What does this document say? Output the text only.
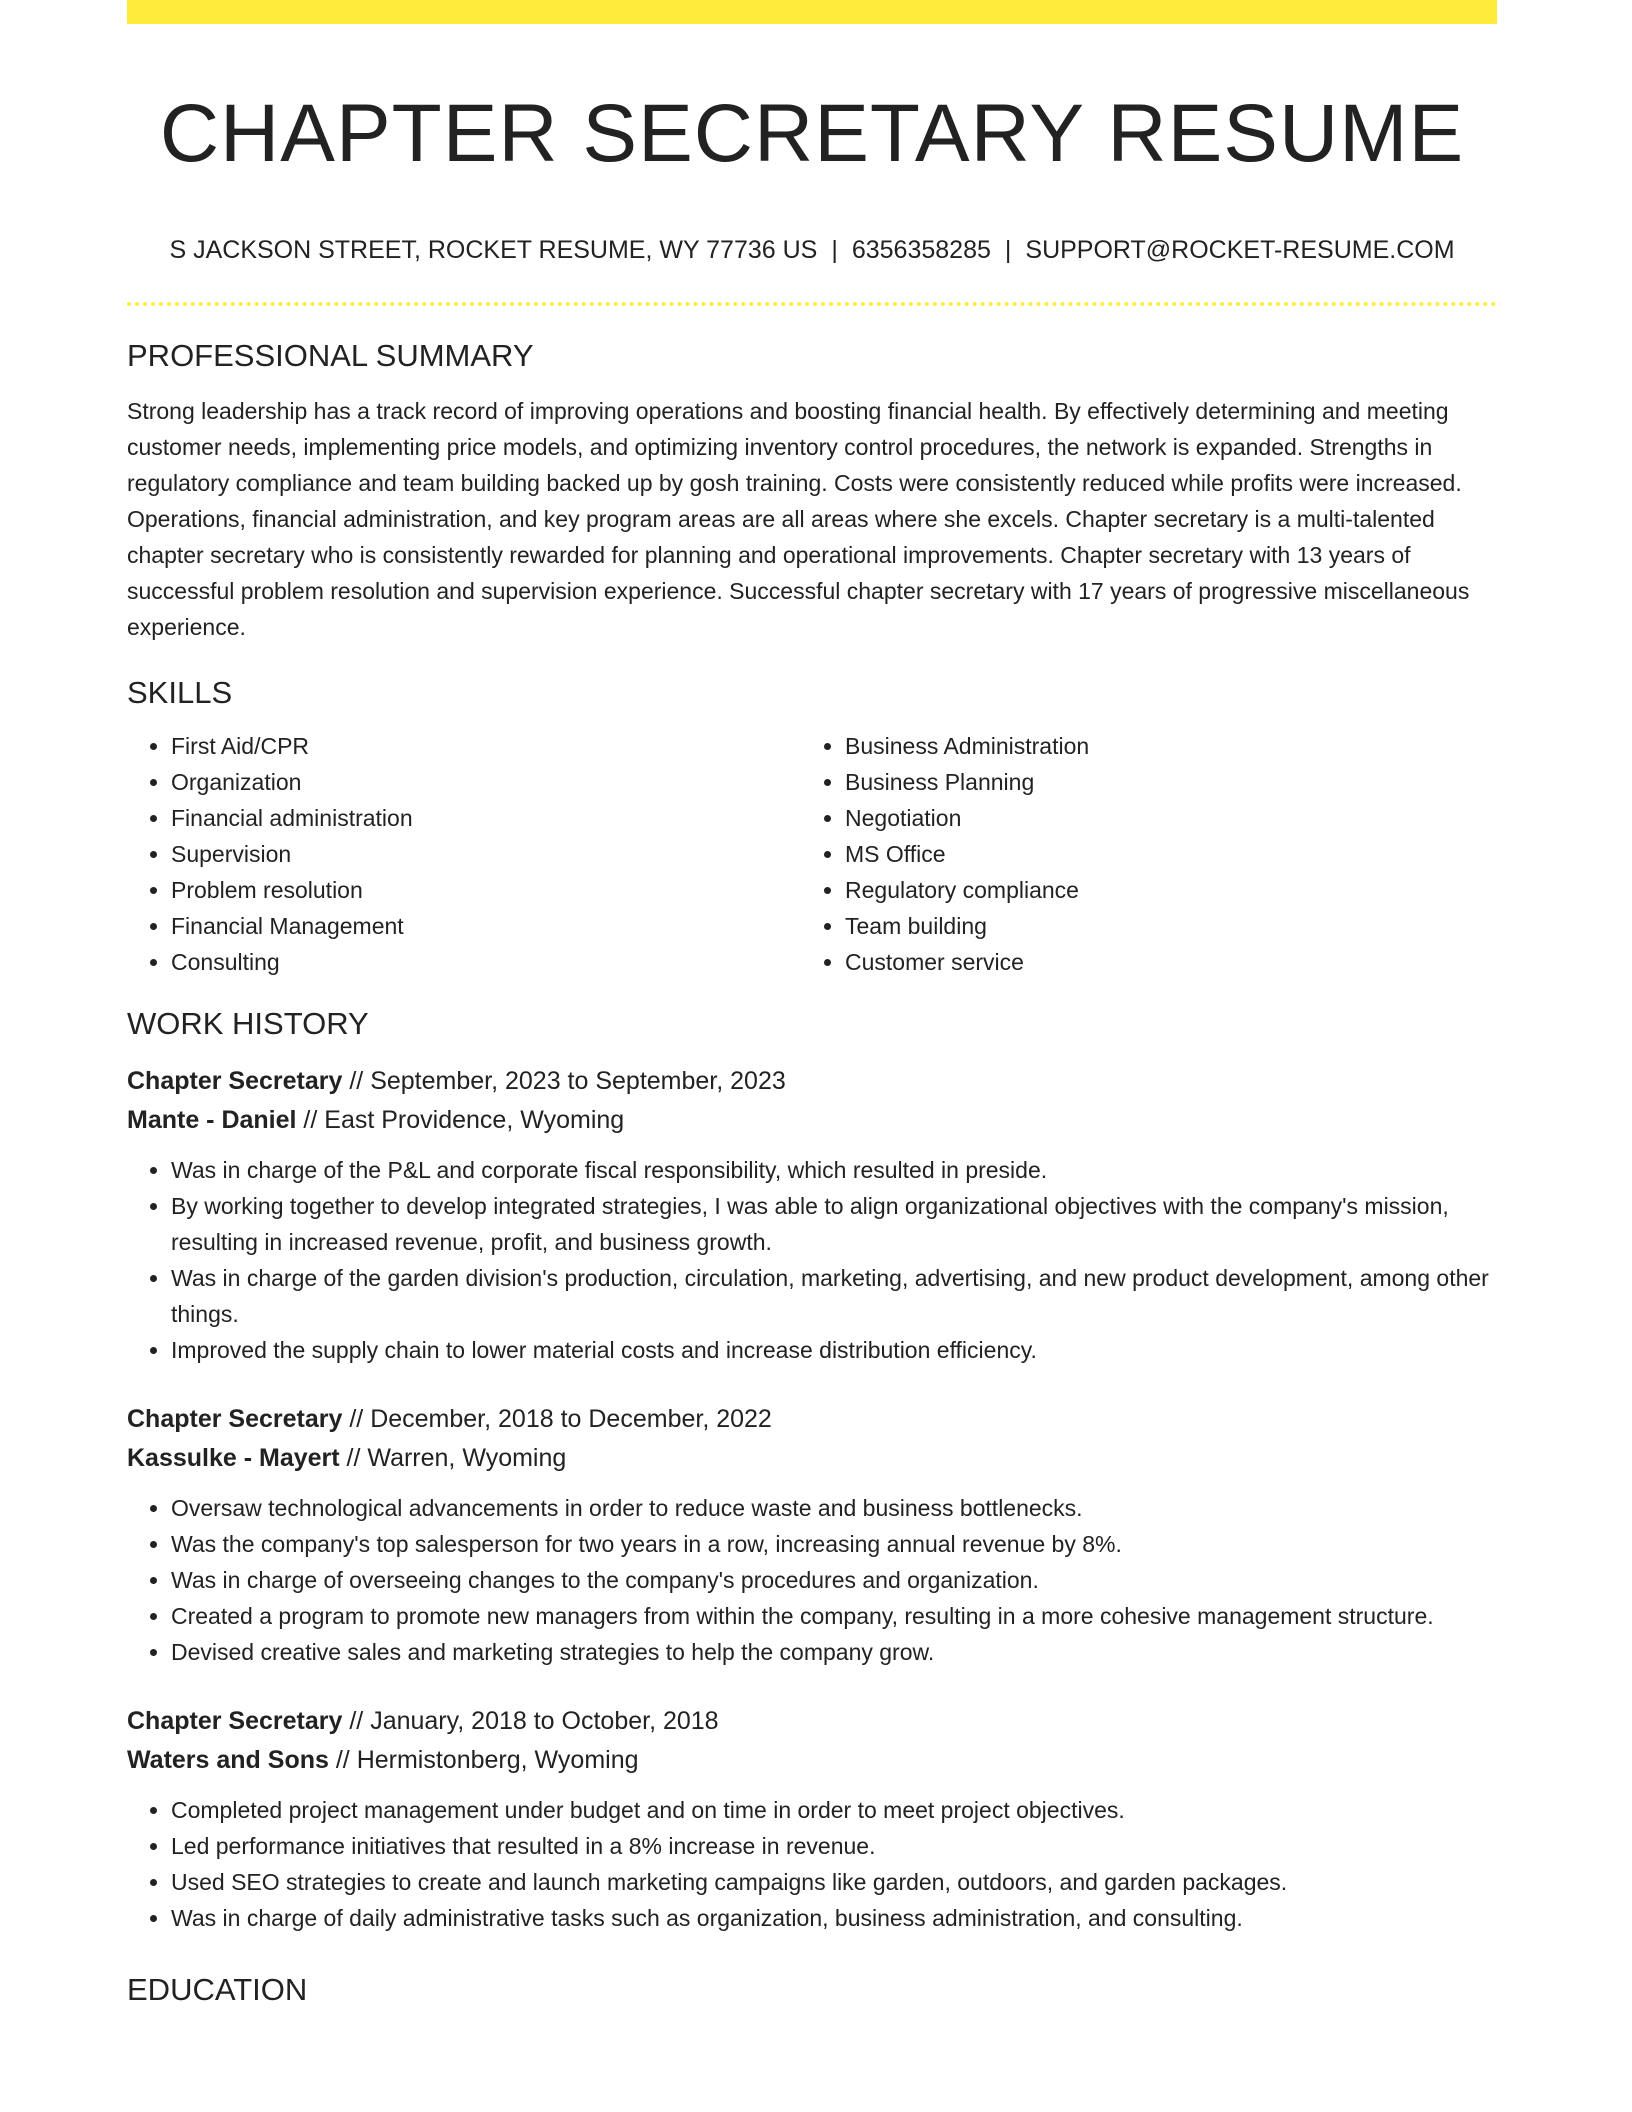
CHAPTER SECRETARY RESUME
S JACKSON STREET, ROCKET RESUME, WY 77736 US | 6356358285 | SUPPORT@ROCKET-RESUME.COM
PROFESSIONAL SUMMARY

Strong leadership has a track record of improving operations and boosting financial health. By effectively determining and meeting customer needs, implementing price models, and optimizing inventory control procedures, the network is expanded. Strengths in regulatory compliance and team building backed up by gosh training. Costs were consistently reduced while profits were increased. Operations, financial administration, and key program areas are all areas where she excels. Chapter secretary is a multi-talented chapter secretary who is consistently rewarded for planning and operational improvements. Chapter secretary with 13 years of successful problem resolution and supervision experience. Successful chapter secretary with 17 years of progressive miscellaneous experience.

SKILLS
• First Aid/CPR
• Organization
• Financial administration
• Supervision
• Problem resolution
• Financial Management
• Consulting
• Business Administration
• Business Planning
• Negotiation
• MS Office
• Regulatory compliance
• Team building
• Customer service
WORK HISTORY
Chapter Secretary // September, 2023 to September, 2023
Mante - Daniel // East Providence, Wyoming
• Was in charge of the P&L and corporate fiscal responsibility, which resulted in preside.
• By working together to develop integrated strategies, I was able to align organizational objectives with the company's mission, resulting in increased revenue, profit, and business growth.
• Was in charge of the garden division's production, circulation, marketing, advertising, and new product development, among other things.
• Improved the supply chain to lower material costs and increase distribution efficiency.
Chapter Secretary // December, 2018 to December, 2022
Kassulke - Mayert // Warren, Wyoming
• Oversaw technological advancements in order to reduce waste and business bottlenecks.
• Was the company's top salesperson for two years in a row, increasing annual revenue by 8%.
• Was in charge of overseeing changes to the company's procedures and organization.
• Created a program to promote new managers from within the company, resulting in a more cohesive management structure.
• Devised creative sales and marketing strategies to help the company grow.
Chapter Secretary // January, 2018 to October, 2018
Waters and Sons // Hermistonberg, Wyoming
• Completed project management under budget and on time in order to meet project objectives.
• Led performance initiatives that resulted in a 8% increase in revenue.
• Used SEO strategies to create and launch marketing campaigns like garden, outdoors, and garden packages.
• Was in charge of daily administrative tasks such as organization, business administration, and consulting.
EDUCATION
